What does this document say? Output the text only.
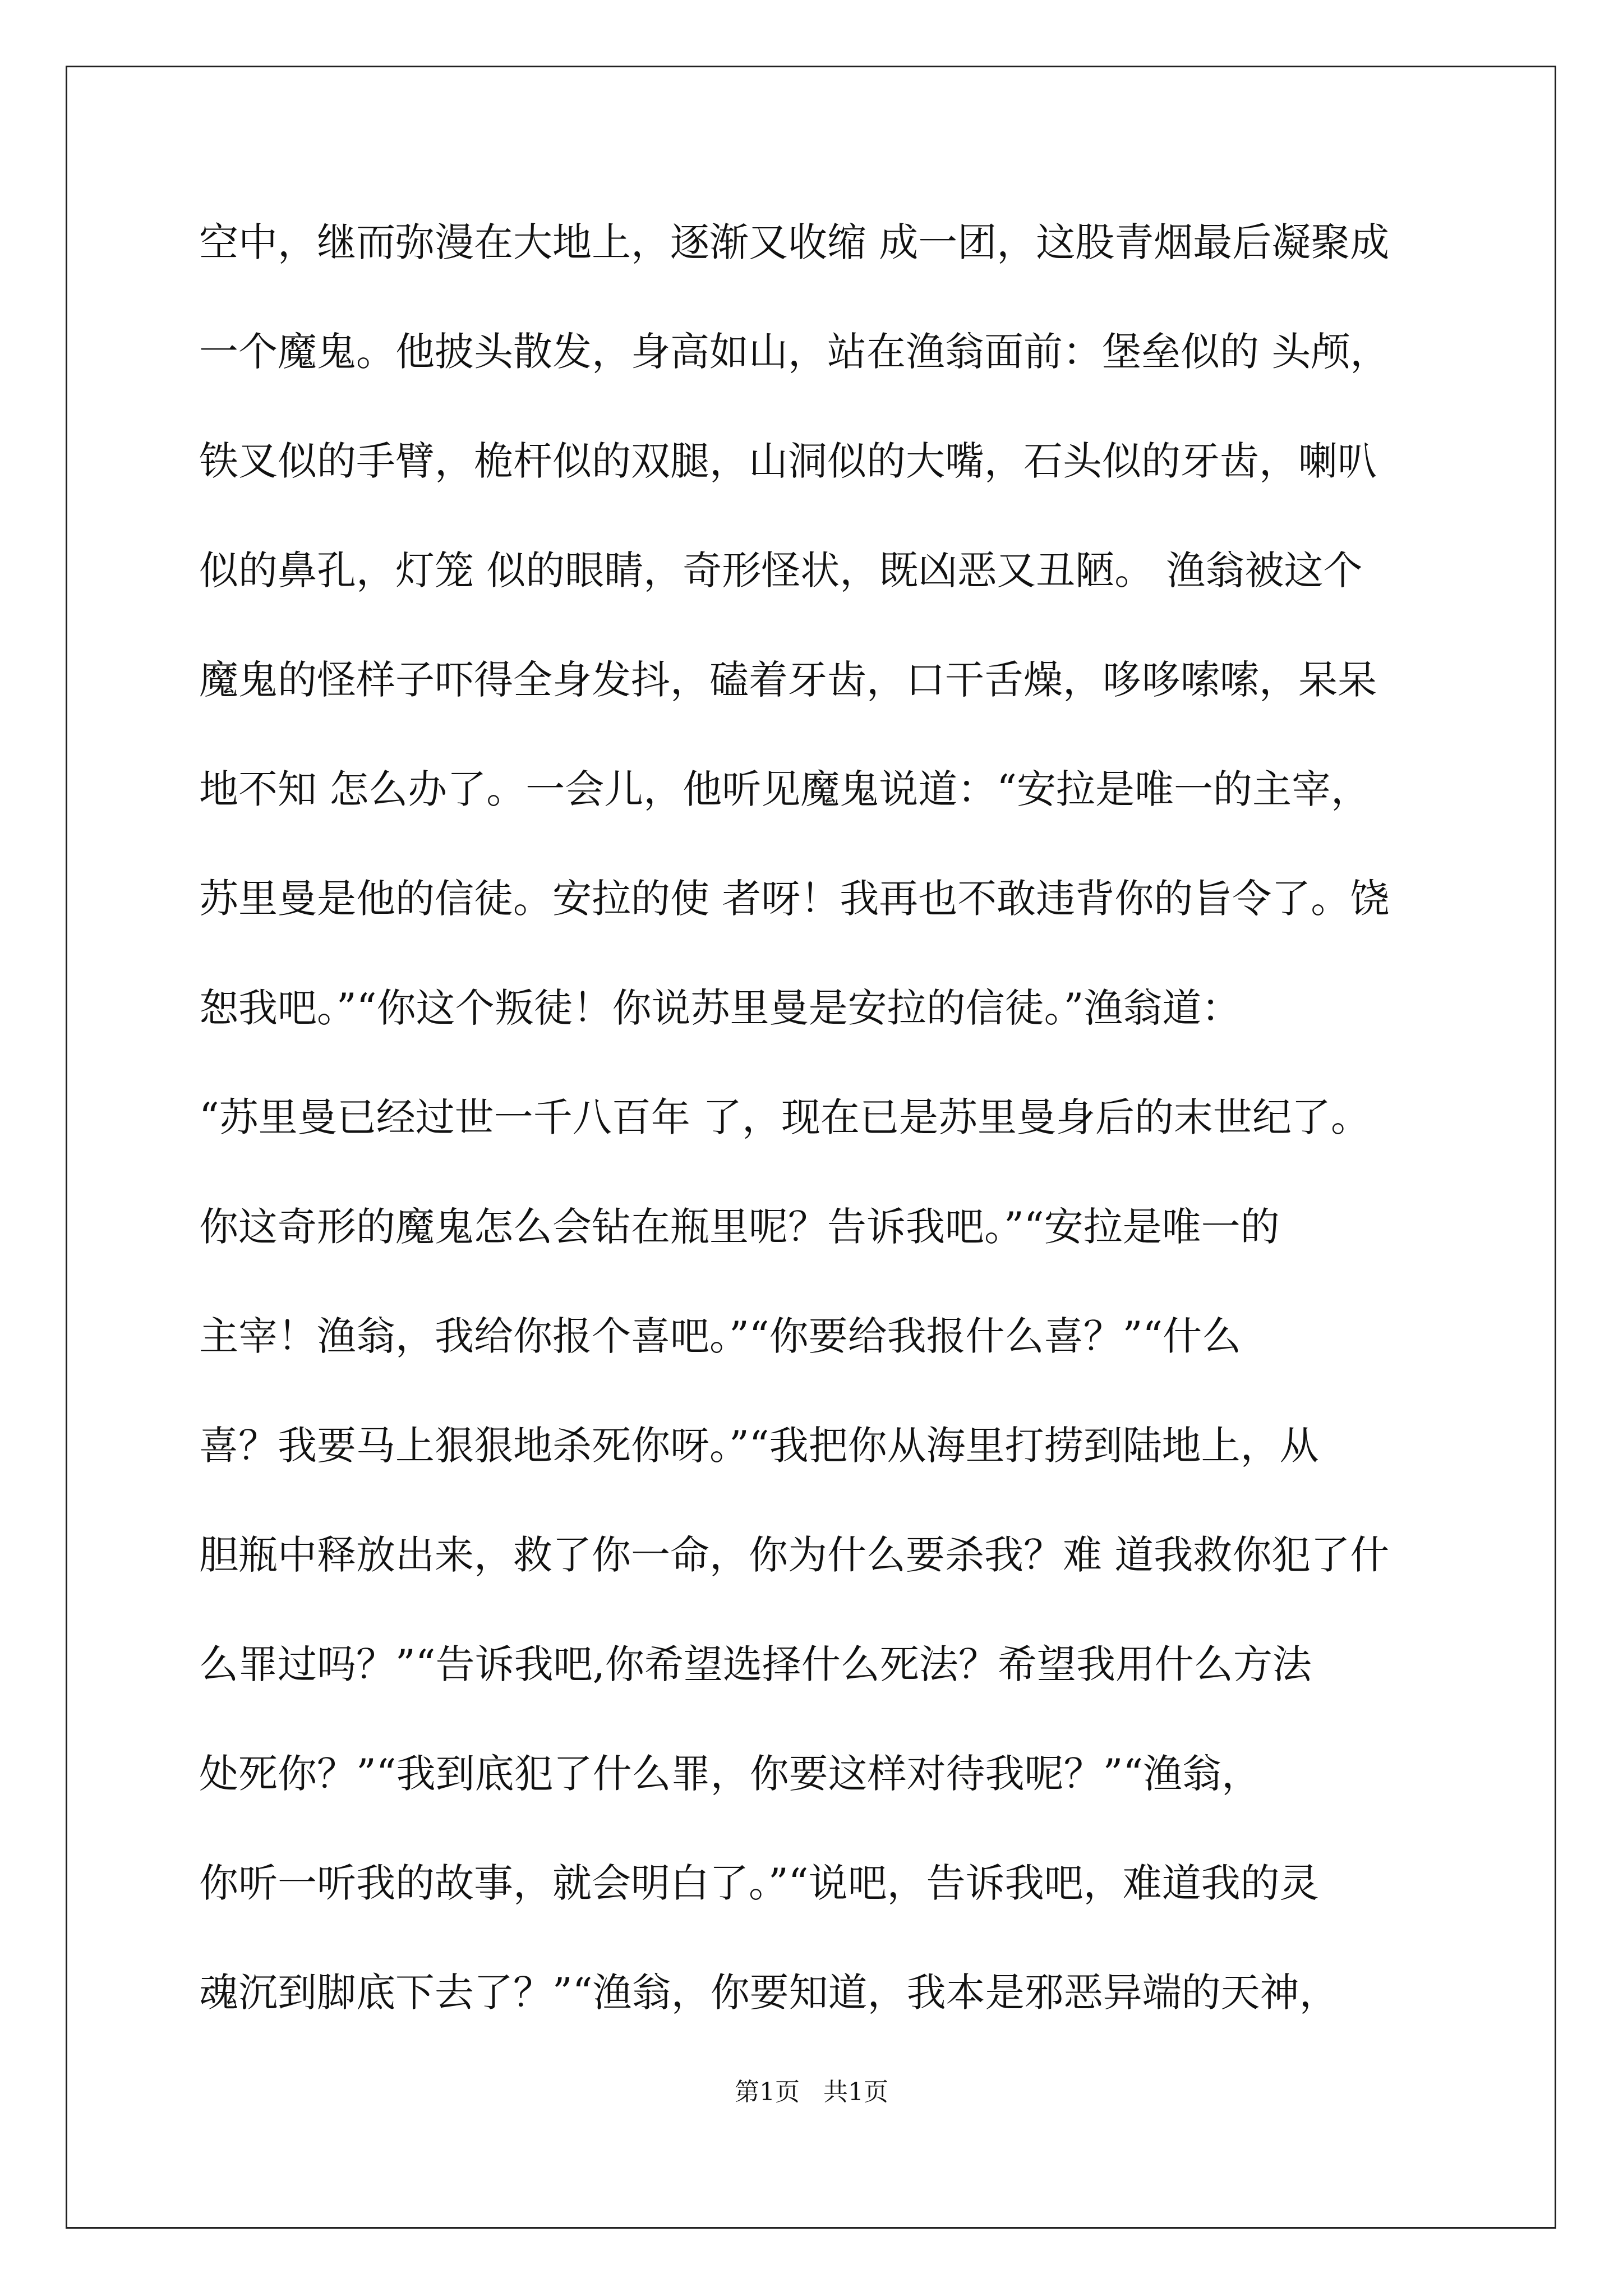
空中，继而弥漫在大地上，逐渐又收缩 成一团，这股青烟最后凝聚成
一个魔鬼。他披头散发，身高如山，站在渔翁面前：堡垒似的 头颅，
铁叉似的手臂，桅杆似的双腿，山洞似的大嘴，石头似的牙齿，喇叭
似的鼻孔，灯笼 似的眼睛，奇形怪状，既凶恶又丑陋。 渔翁被这个
魔鬼的怪样子吓得全身发抖，磕着牙齿，口干舌燥，哆哆嗦嗦，呆呆
地不知 怎么办了。一会儿，他听见魔鬼说道：“安拉是唯一的主宰，
苏里曼是他的信徒。安拉的使 者呀！我再也不敢违背你的旨令了。饶
恕我吧。”“你这个叛徒！你说苏里曼是安拉的信徒。”渔翁道：
“苏里曼已经过世一千八百年 了，现在已是苏里曼身后的末世纪了。
你这奇形的魔鬼怎么会钻在瓶里呢？告诉我吧。”“安拉是唯一的
主宰！渔翁，我给你报个喜吧。”“你要给我报什么喜？”“什么
喜？我要马上狠狠地杀死你呀。”“我把你从海里打捞到陆地上，从
胆瓶中释放出来，救了你一命，你为什么要杀我？难 道我救你犯了什
么罪过吗？”“告诉我吧,你希望选择什么死法？希望我用什么方法
处死你？”“我到底犯了什么罪，你要这样对待我呢？”“渔翁，
你听一听我的故事，就会明白了。”“说吧，告诉我吧，难道我的灵
魂沉到脚底下去了？”“渔翁，你要知道，我本是邪恶异端的天神，
第1页   共1页
